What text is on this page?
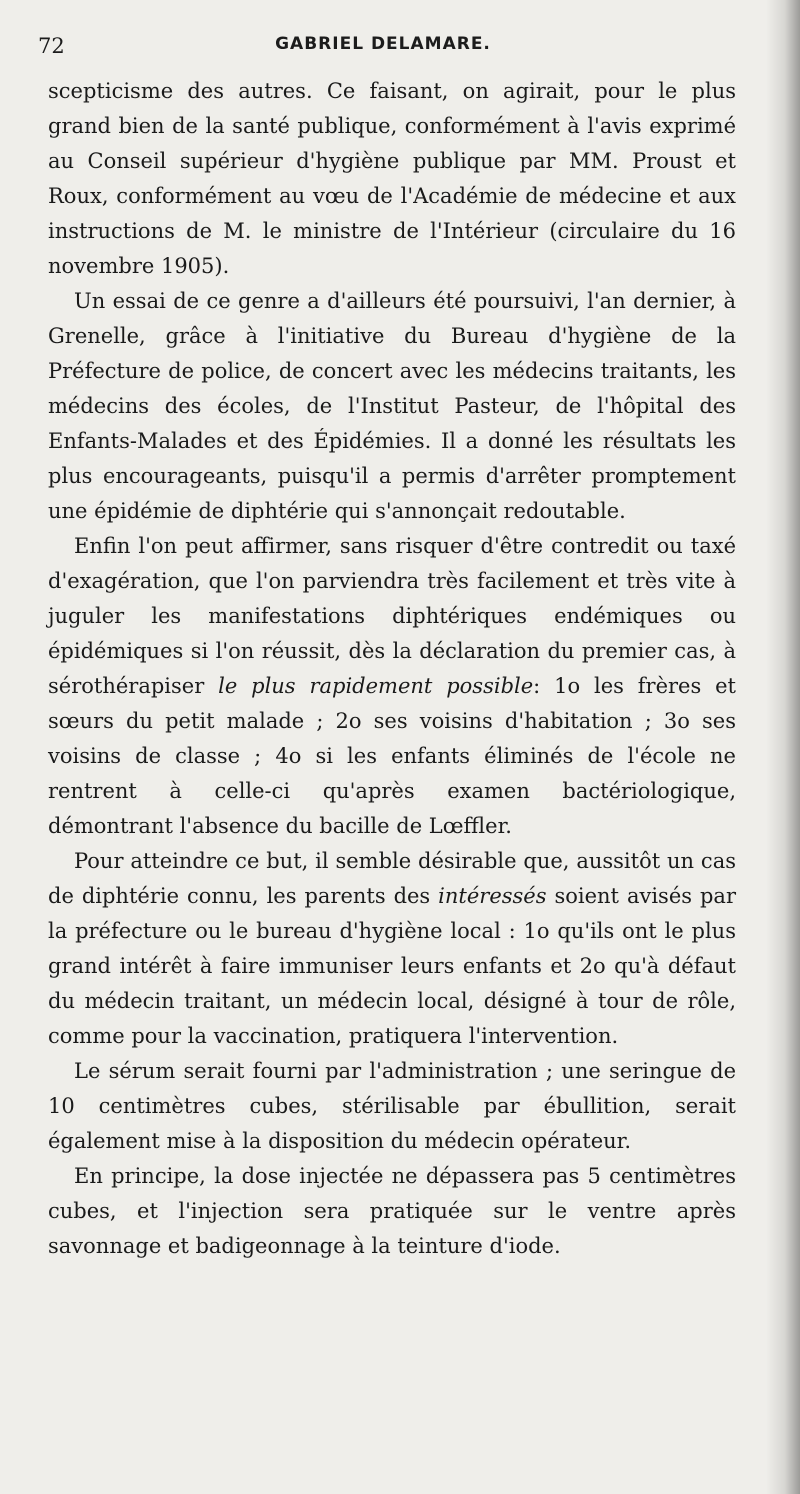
72	GABRIEL DELAMARE.

scepticisme des autres. Ce faisant, on agirait, pour le plus grand bien de la santé publique, conformément à l'avis exprimé au Conseil supérieur d'hygiène publique par MM. Proust et Roux, conformément au vœu de l'Académie de médecine et aux instructions de M. le ministre de l'Intérieur (circulaire du 16 novembre 1905).

Un essai de ce genre a d'ailleurs été poursuivi, l'an dernier, à Grenelle, grâce à l'initiative du Bureau d'hygiène de la Préfecture de police, de concert avec les médecins traitants, les médecins des écoles, de l'Institut Pasteur, de l'hôpital des Enfants-Malades et des Épidémies. Il a donné les résultats les plus encourageants, puisqu'il a permis d'arrêter promptement une épidémie de diphtérie qui s'annonçait redoutable.

Enfin l'on peut affirmer, sans risquer d'être contredit ou taxé d'exagération, que l'on parviendra très facilement et très vite à juguler les manifestations diphtériques endémiques ou épidémiques si l'on réussit, dès la déclaration du premier cas, à sérothérapiser le plus rapidement possible: 1o les frères et sœurs du petit malade ; 2o ses voisins d'habitation ; 3o ses voisins de classe ; 4o si les enfants éliminés de l'école ne rentrent à celle-ci qu'après examen bactériologique, démontrant l'absence du bacille de Lœffler.

Pour atteindre ce but, il semble désirable que, aussitôt un cas de diphtérie connu, les parents des intéressés soient avisés par la préfecture ou le bureau d'hygiène local : 1o qu'ils ont le plus grand intérêt à faire immuniser leurs enfants et 2o qu'à défaut du médecin traitant, un médecin local, désigné à tour de rôle, comme pour la vaccination, pratiquera l'intervention.

Le sérum serait fourni par l'administration ; une seringue de 10 centimètres cubes, stérilisable par ébullition, serait également mise à la disposition du médecin opérateur.

En principe, la dose injectée ne dépassera pas 5 centimètres cubes, et l'injection sera pratiquée sur le ventre après savonnage et badigeonnage à la teinture d'iode.
